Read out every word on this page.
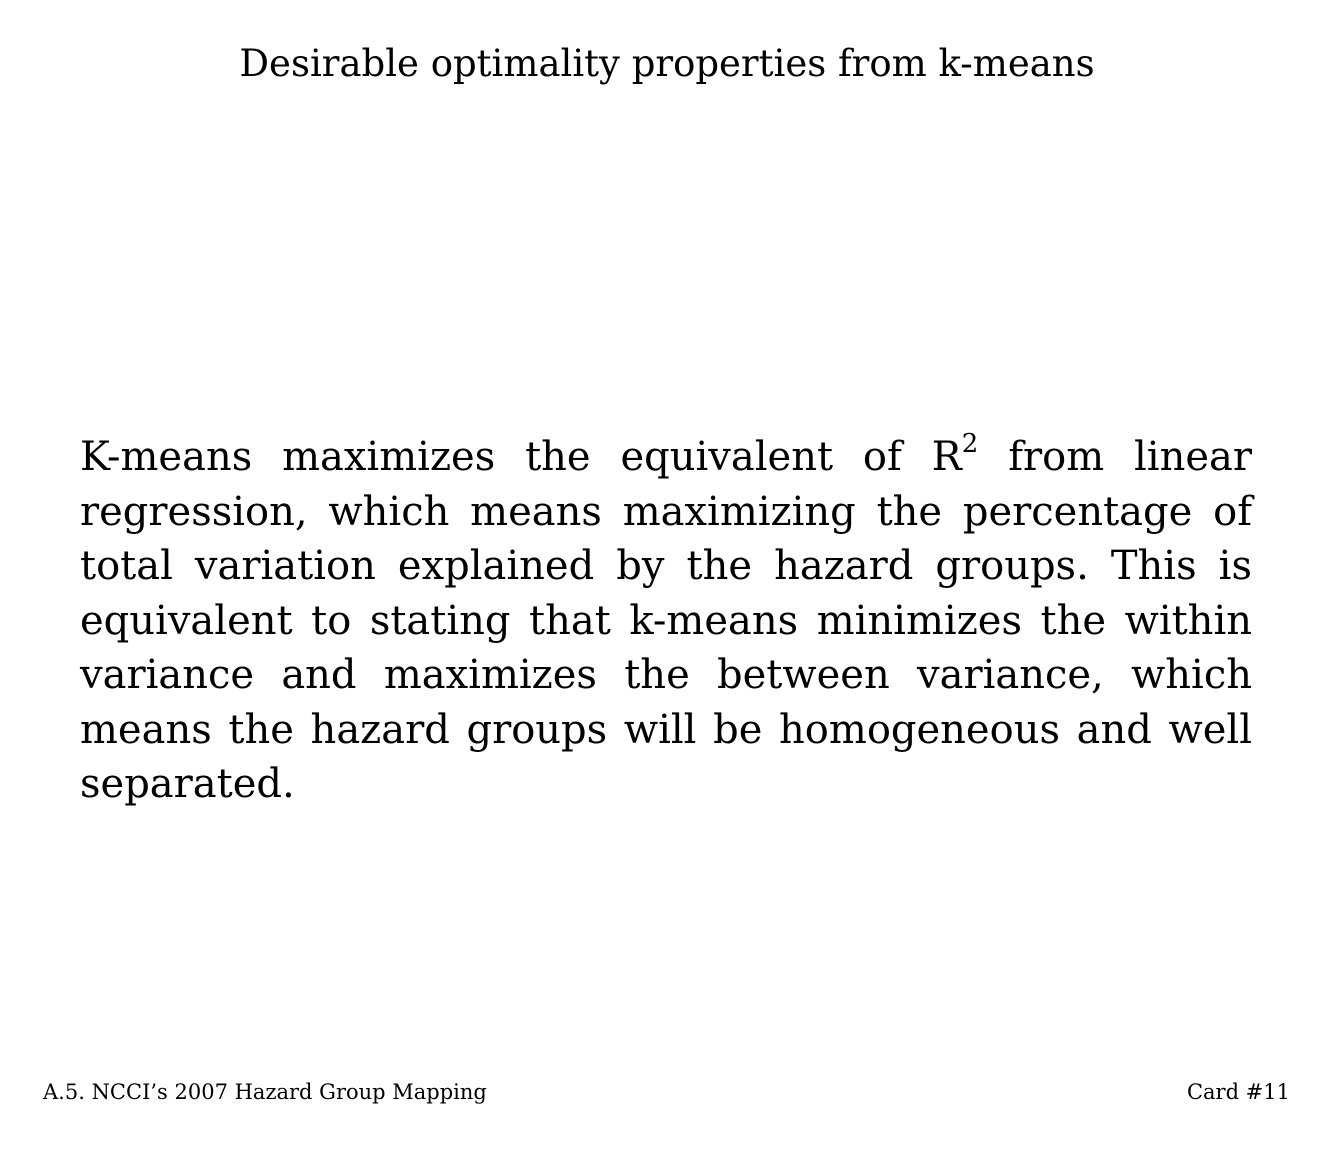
Desirable optimality properties from k-means
K-means maximizes the equivalent of $R^2$ from linear regression, which means maximizing the percentage of total variation explained by the hazard groups. This is equivalent to stating that k-means minimizes the within variance and maximizes the between variance, which means the hazard groups will be homogeneous and well separated.
A.5. NCCI’s 2007 Hazard Group Mapping	Card #11
